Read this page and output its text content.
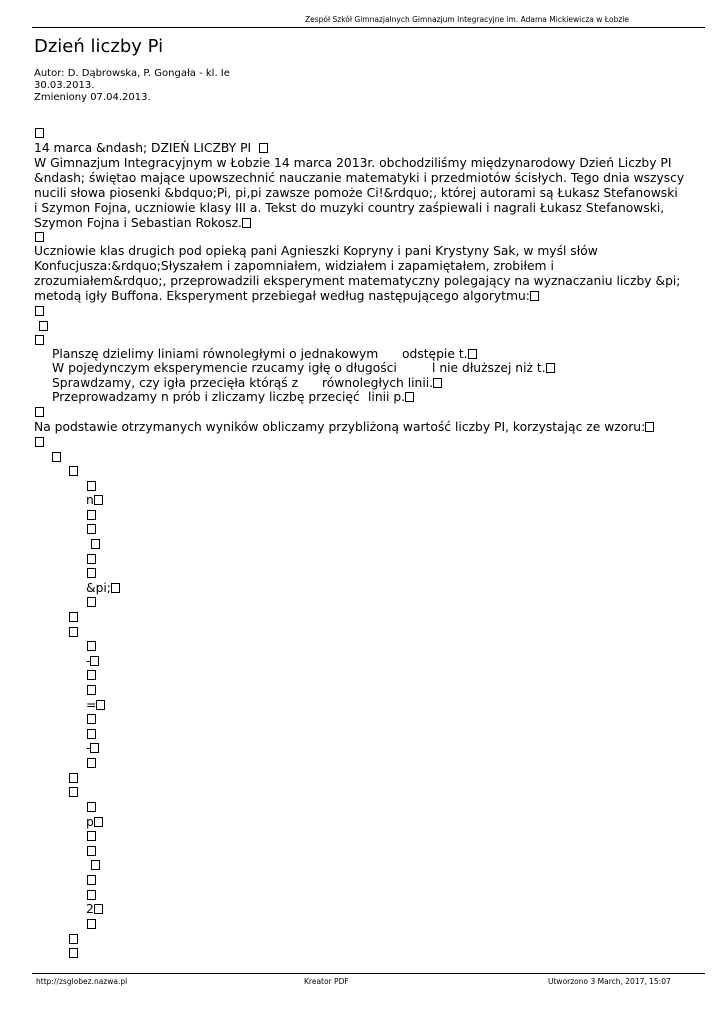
Zespół Szkół Gimnazjalnych Gimnazjum Integracyjne im. Adama Mickiewicza w Łobzie
Dzień liczby Pi
Autor: D. Dąbrowska, P. Gongała - kl. Ie
30.03.2013.
Zmieniony 07.04.2013.
14 marca &ndash; DZIEŃ LICZBY PI
W Gimnazjum Integracyjnym w Łobzie 14 marca 2013r. obchodziliśmy międzynarodowy Dzień Liczby PI
&ndash; świętao mające upowszechnić nauczanie matematyki i przedmiotów ścisłych. Tego dnia wszyscy
nucili słowa piosenki &bdquo;Pi, pi,pi zawsze pomoże Ci!&rdquo;, której autorami są Łukasz Stefanowski
i Szymon Fojna, uczniowie klasy III a. Tekst do muzyki country zaśpiewali i nagrali Łukasz Stefanowski,
Szymon Fojna i Sebastian Rokosz.
Uczniowie klas drugich pod opieką pani Agnieszki Kopryny i pani Krystyny Sak, w myśl słów
Konfucjusza:&rdquo;Słyszałem i zapomniałem, widziałem i zapamiętałem, zrobiłem i
zrozumiałem&rdquo;, przeprowadzili eksperyment matematyczny polegający na wyznaczaniu liczby &pi;
metodą igły Buffona. Eksperyment przebiegał według następującego algorytmu:
Planszę dzielimy liniami równoległymi o jednakowym odstępie t.
W pojedynczym eksperymencie rzucamy igłę o długości	l nie dłuższej niż t.
Sprawdzamy, czy igła przecięła którąś z równoległych linii.
Przeprowadzamy n prób i zliczamy liczbę przecięć linii p.
Na podstawie otrzymanych wyników obliczamy przybliżoną wartość liczby PI, korzystając ze wzoru:
n
&pi;
-
=
-
p
2
http://zsglobez.nazwa.pl	Kreator PDF	Utworzono 3 March, 2017, 15:07
